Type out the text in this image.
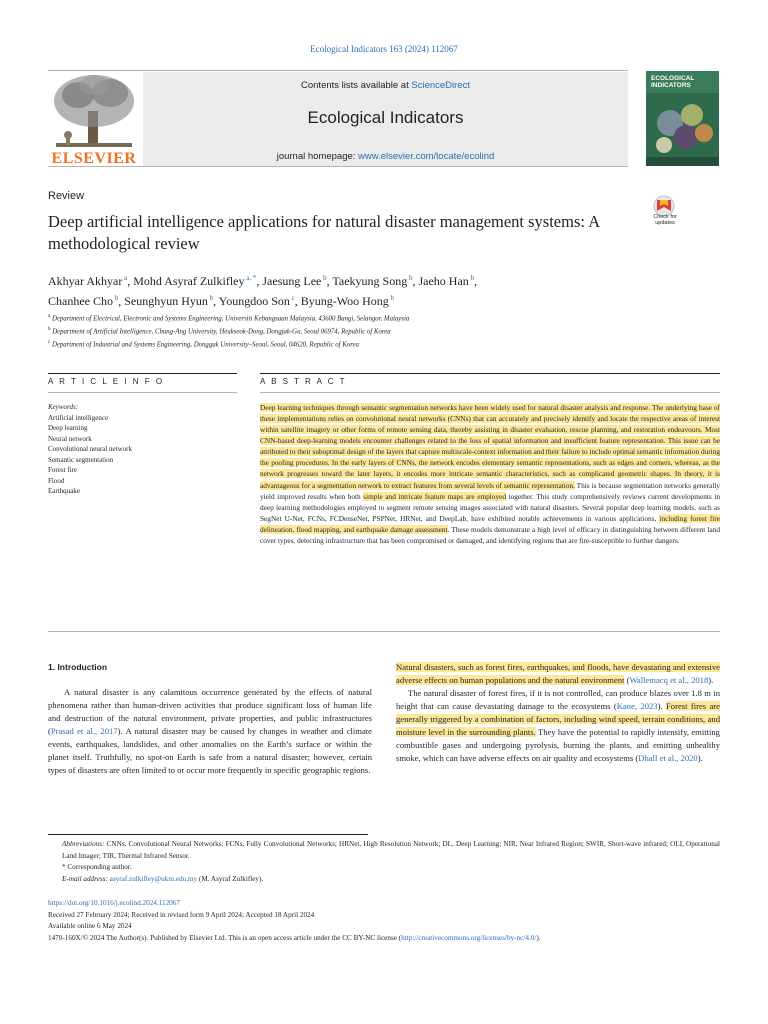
Ecological Indicators 163 (2024) 112067
ELSEVIER
Contents lists available at ScienceDirect
Ecological Indicators
journal homepage: www.elsevier.com/locate/ecolind
ECOLOGICAL INDICATORS
Review
Deep artificial intelligence applications for natural disaster management systems: A methodological review
Check for updates
Akhyar Akhyar $^a$, Mohd Asyraf Zulkifley $^{a, *}$, Jaesung Lee $^b$, Taekyung Song $^b$, Jaeho Han $^b$,
Chanhee Cho $^b$, Seunghyun Hyun $^b$, Youngdoo Son $^c$, Byung-Woo Hong $^b$
$^a$ Department of Electrical, Electronic and Systems Engineering, Universiti Kebangsaan Malaysia, 43600 Bangi, Selangor, Malaysia
$^b$ Department of Artificial Intelligence, Chung-Ang University, Heukseok-Dong, Dongjak-Gu, Seoul 06974, Republic of Korea
$^c$ Department of Industrial and Systems Engineering, Dongguk University–Seoul, Seoul, 04620, Republic of Korea
A R T I C L E I N F O	A B S T R A C T
Keywords:
Artificial intelligence
Deep learning
Neural network
Convolutional neural network
Semantic segmentation
Forest fire
Flood
Earthquake
Deep learning techniques through semantic segmentation networks have been widely used for natural disaster analysis and response. The underlying base of these implementations relies on convolutional neural networks (CNNs) that can accurately and precisely identify and locate the respective areas of interest within satellite imagery or other forms of remote sensing data, thereby assisting in disaster evaluation, rescue planning, and restoration endeavours. Most CNN-based deep-learning models encounter challenges related to the loss of spatial information and insufficient feature representation. This issue can be attributed to their suboptimal design of the layers that capture multiscale-context information and their failure to include optimal semantic information during the pooling procedures. In the early layers of CNNs, the network encodes elementary semantic representations, such as edges and corners, whereas, as the network progresses toward the later layers, it encodes more intricate semantic characteristics, such as complicated geometric shapes. In theory, it is advantageous for a segmentation network to extract features from several levels of semantic representation. This is because segmentation networks generally yield improved results when both simple and intricate feature maps are employed together. This study comprehensively reviews current developments in deep learning methodologies employed to segment remote sensing images associated with natural disasters. Several popular deep learning models, such as SegNet U-Net, FCNs, FCDenseNet, PSPNet, HRNet, and DeepLab, have exhibited notable achievements in various applications, including forest fire delineation, flood mapping, and earthquake damage assessment. These models demonstrate a high level of efficacy in distinguishing between different land cover types, detecting infrastructure that has been compromised or damaged, and identifying regions that are fire-susceptible to further dangers.
1. Introduction
A natural disaster is any calamitous occurrence generated by the effects of natural phenomena rather than human-driven activities that produce significant loss of human life and destruction of the natural environment, private properties, and public infrastructures (Prasad et al., 2017). A natural disaster may be caused by changes in weather and climate events, earthquakes, landslides, and other anomalies on the Earth’s surface or within the planet itself. Truthfully, no spot-on Earth is safe from a natural disaster; however, certain types of disasters are often limited to or occur more frequently in specific geographic regions.

Natural disasters, such as forest fires, earthquakes, and floods, have devastating and extensive adverse effects on human populations and the natural environment (Wallemacq et al., 2018).

The natural disaster of forest fires, if it is not controlled, can produce blazes over 1.8 m in height that can cause devastating damage to the ecosystems (Kane, 2023). Forest fires are generally triggered by a combination of factors, including wind speed, terrain conditions, and moisture level in the surrounding plants. They have the potential to rapidly intensify, emitting combustible gases and undergoing pyrolysis, burning the plants, and emitting unhealthy smoke, which can have adverse effects on air quality and ecosystems (Dhall et al., 2020).

Abbreviations: CNNs, Convolutional Neural Networks; FCNs, Fully Convolutional Networks; HRNet, High Resolution Network; DL, Deep Learning; NIR, Near Infrared Region; SWIR, Short-wave infrared; OLI, Operational Land Imager; TIR, Thermal Infrared Sensor.
* Corresponding author.
E-mail address: asyraf.zulkifley@ukm.edu.my (M. Asyraf Zulkifley).
https://doi.org/10.1016/j.ecolind.2024.112067
Received 27 February 2024; Received in revised form 9 April 2024; Accepted 18 April 2024
Available online 6 May 2024
1470-160X/© 2024 The Author(s). Published by Elsevier Ltd. This is an open access article under the CC BY-NC license (http://creativecommons.org/licenses/by-nc/4.0/).
